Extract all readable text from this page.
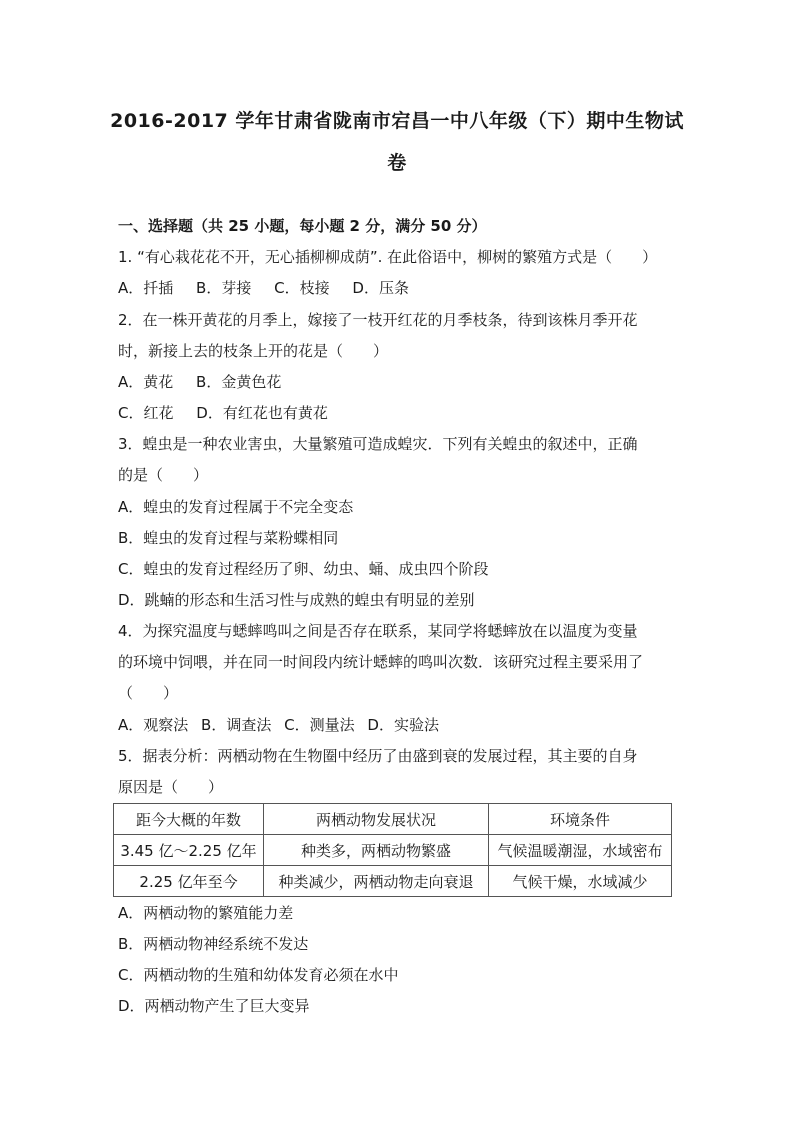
2016-2017 学年甘肃省陇南市宕昌一中八年级（下）期中生物试
卷
一、选择题（共 25 小题，每小题 2 分，满分 50 分）
1. “有心栽花花不开，无心插柳柳成荫”. 在此俗语中，柳树的繁殖方式是（　　）
A．扦插 B．芽接 C．枝接 D．压条
2．在一株开黄花的月季上，嫁接了一枝开红花的月季枝条，待到该株月季开花
时，新接上去的枝条上开的花是（　　）
A．黄花 B．金黄色花
C．红花 D．有红花也有黄花
3．蝗虫是一种农业害虫，大量繁殖可造成蝗灾．下列有关蝗虫的叙述中，正确
的是（　　）
A．蝗虫的发育过程属于不完全变态
B．蝗虫的发育过程与菜粉蝶相同
C．蝗虫的发育过程经历了卵、幼虫、蛹、成虫四个阶段
D．跳蝻的形态和生活习性与成熟的蝗虫有明显的差别
4．为探究温度与蟋蟀鸣叫之间是否存在联系，某同学将蟋蟀放在以温度为变量
的环境中饲喂，并在同一时间段内统计蟋蟀的鸣叫次数．该研究过程主要采用了
（　　）
A．观察法 B．调查法 C．测量法 D．实验法
5．据表分析：两栖动物在生物圈中经历了由盛到衰的发展过程，其主要的自身
原因是（　　）
距今大概的年数	两栖动物发展状况	环境条件
3.45 亿～2.25 亿年	种类多，两栖动物繁盛	气候温暖潮湿，水域密布
2.25 亿年至今	种类减少，两栖动物走向衰退	气候干燥，水域减少
A．两栖动物的繁殖能力差
B．两栖动物神经系统不发达
C．两栖动物的生殖和幼体发育必须在水中
D．两栖动物产生了巨大变异
